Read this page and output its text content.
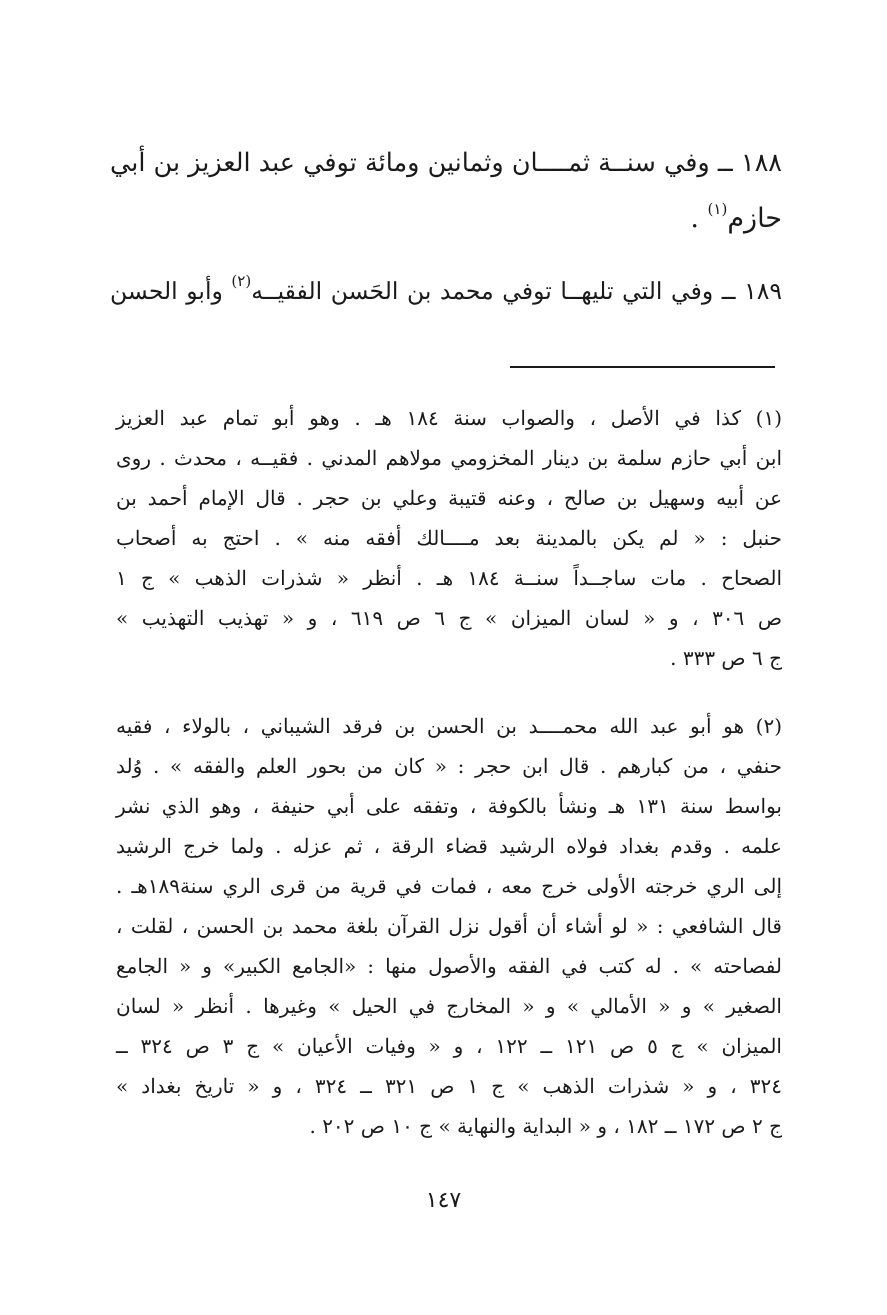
١٨٨ ــ وفي سنــة ثمــــان وثمانين ومائة توفي عبد العزيز بن أبي
حازم$^{(١)}$ .
١٨٩ ــ وفي التي تليهــا توفي محمد بن الحَسن الفقيــه$^{(٢)}$ وأبو الحسن
(١) كذا في الأصل ، والصواب سنة ١٨٤ هـ . وهو أبو تمام عبد العزيز
ابن أبي حازم سلمة بن دينار المخزومي مولاهم المدني . فقيــه ، محدث . روى
عن أبيه وسهيل بن صالح ، وعنه قتيبة وعلي بن حجر . قال الإمام أحمد بن
حنبل : « لم يكن بالمدينة بعد مــــالك أفقه منه » . احتج به أصحاب
الصحاح . مات ساجــداً سنــة ١٨٤ هـ . أنظر « شذرات الذهب » ج ١
ص ٣٠٦ ، و « لسان الميزان » ج ٦ ص ٦١٩ ، و « تهذيب التهذيب »
ج ٦ ص ٣٣٣ .
(٢) هو أبو عبد الله محمــــد بن الحسن بن فرقد الشيباني ، بالولاء ، فقيه
حنفي ، من كبارهم . قال ابن حجر : « كان من بحور العلم والفقه » . وُلد
بواسط سنة ١٣١ هـ ونشأ بالكوفة ، وتفقه على أبي حنيفة ، وهو الذي نشر
علمه . وقدم بغداد فولاه الرشيد قضاء الرقة ، ثم عزله . ولما خرج الرشيد
إلى الري خرجته الأولى خرج معه ، فمات في قرية من قرى الري سنة١٨٩هـ .
قال الشافعي : « لو أشاء أن أقول نزل القرآن بلغة محمد بن الحسن ، لقلت ،
لفصاحته » . له كتب في الفقه والأصول منها : «الجامع الكبير» و « الجامع
الصغير » و « الأمالي » و « المخارج في الحيل » وغيرها . أنظر « لسان
الميزان » ج ٥ ص ١٢١ ــ ١٢٢ ، و « وفيات الأعيان » ج ٣ ص ٣٢٤ ــ
٣٢٤ ، و « شذرات الذهب » ج ١ ص ٣٢١ ــ ٣٢٤ ، و « تاريخ بغداد »
ج ٢ ص ١٧٢ ــ ١٨٢ ، و « البداية والنهاية » ج ١٠ ص ٢٠٢ .
١٤٧
